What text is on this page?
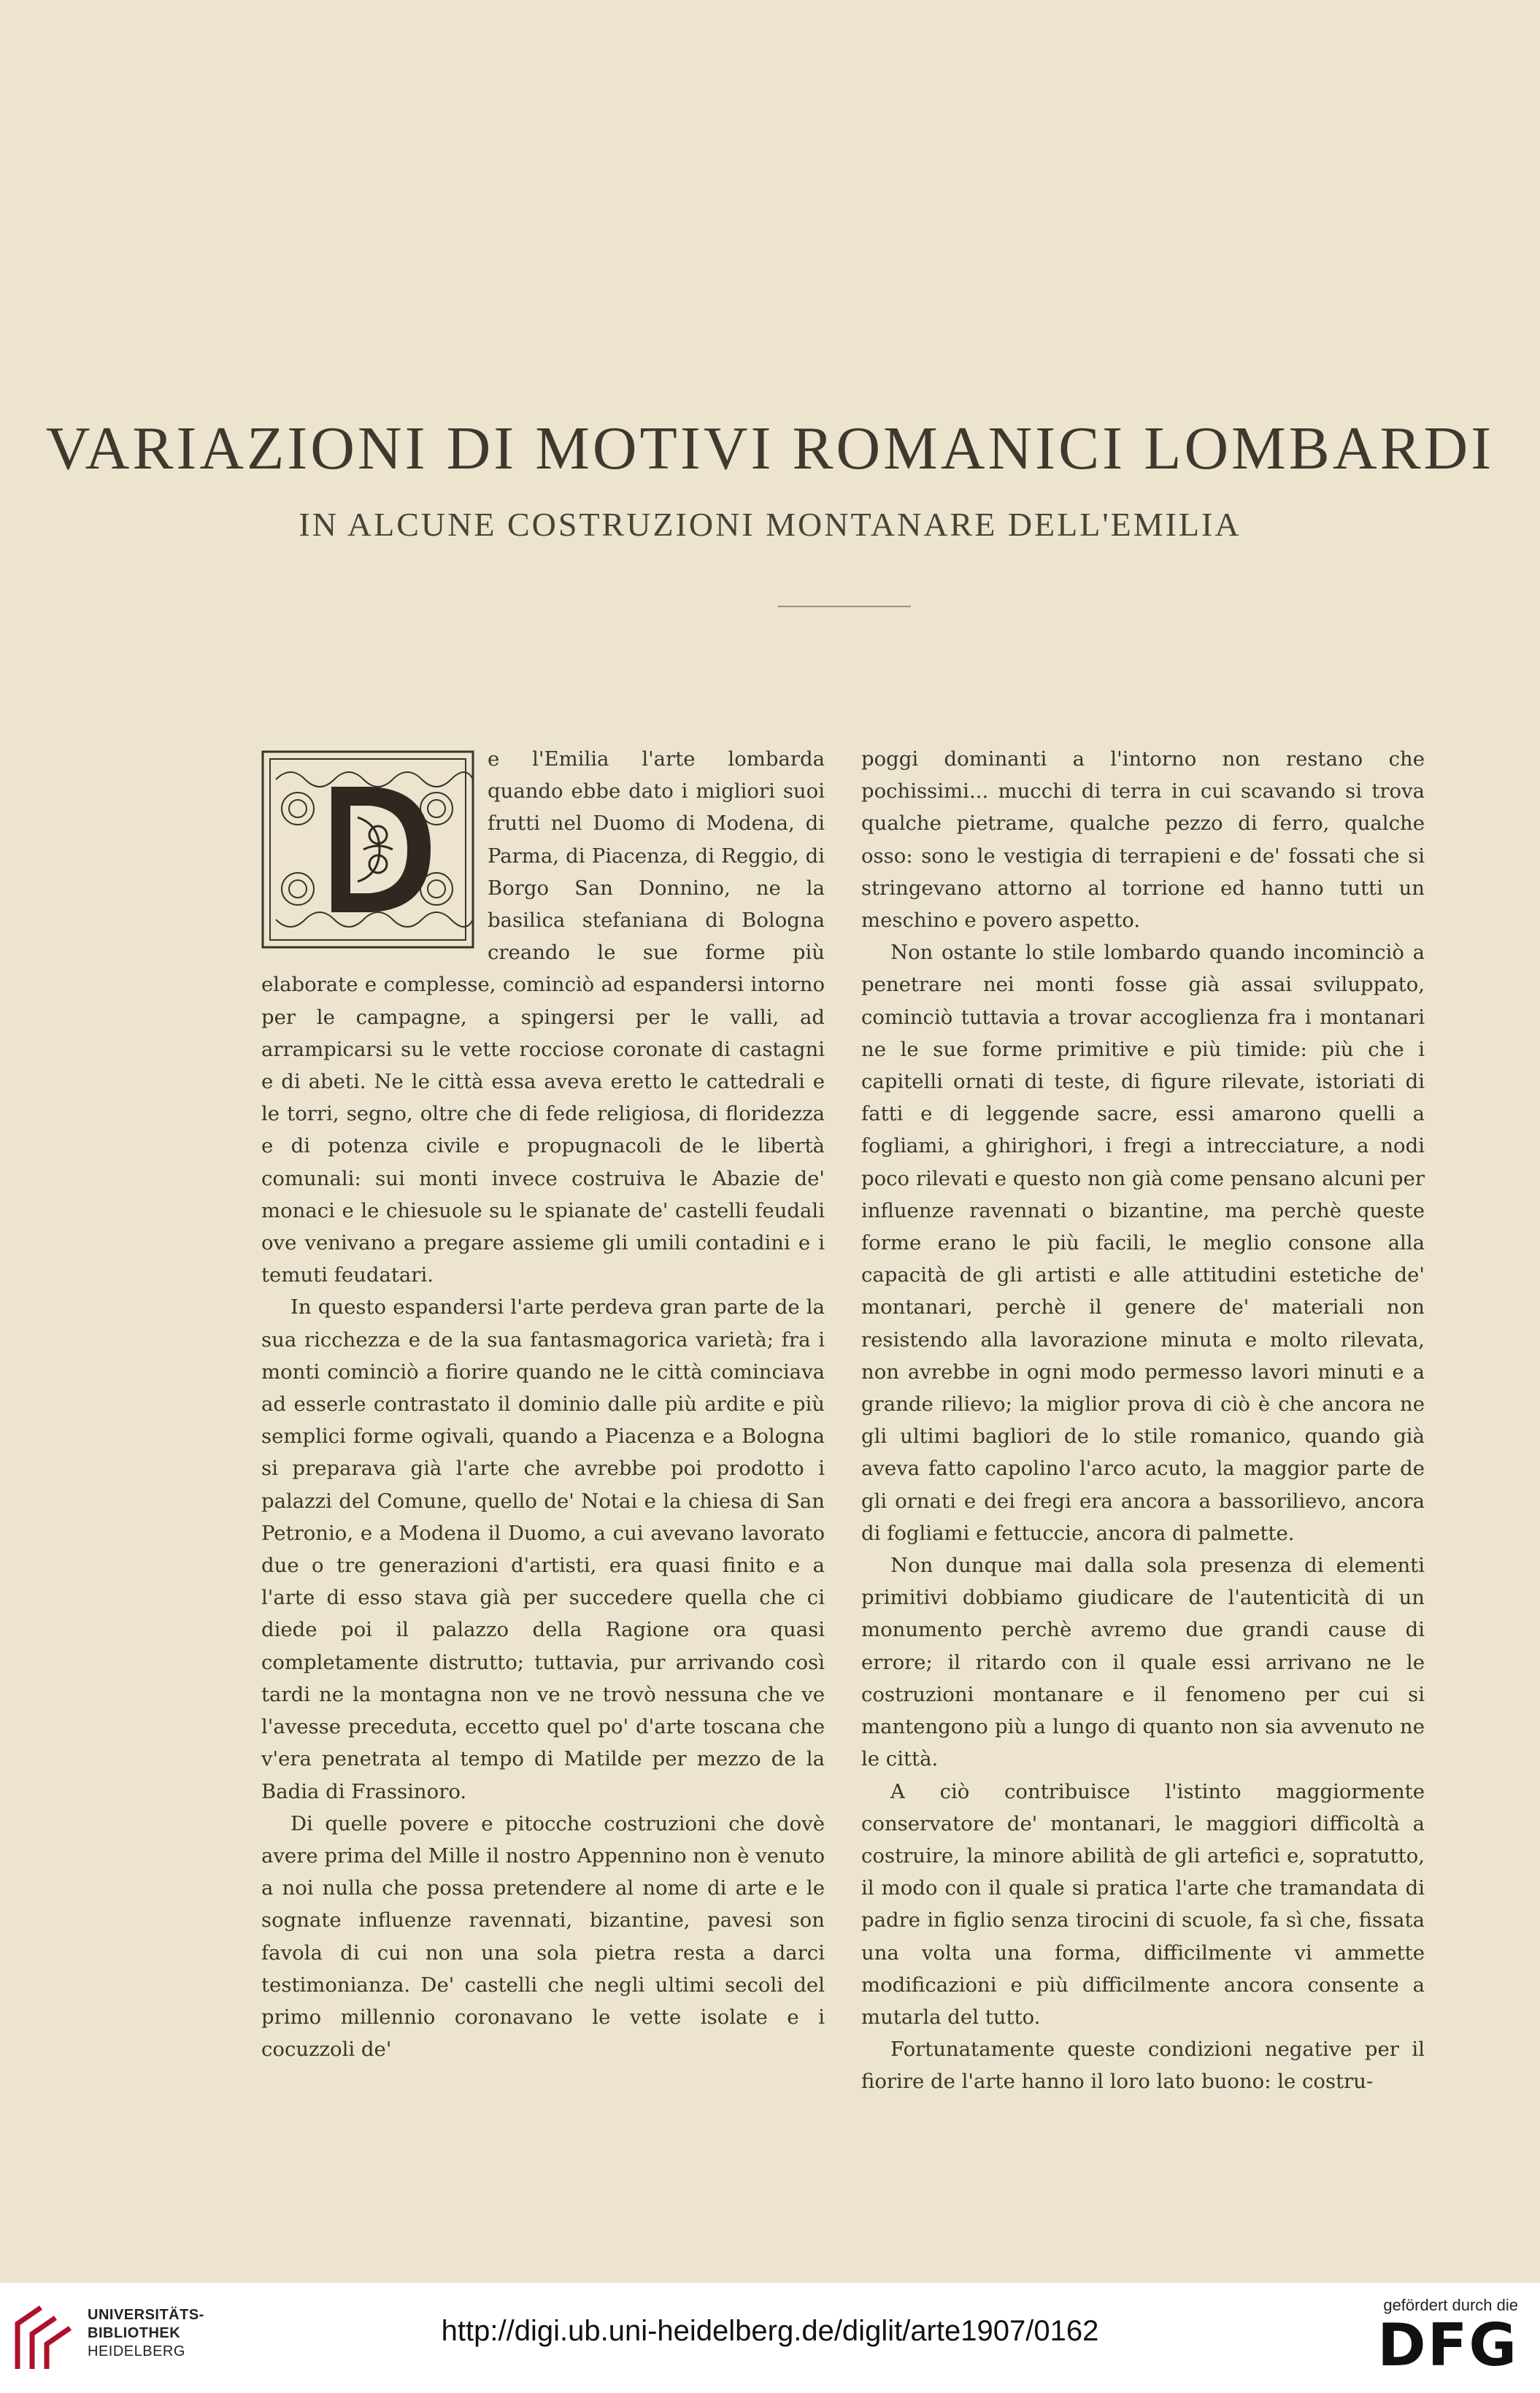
VARIAZIONI DI MOTIVI ROMANICI LOMBARDI
IN ALCUNE COSTRUZIONI MONTANARE DELL'EMILIA

e l'Emilia l'arte lombarda quando ebbe dato i migliori suoi frutti nel Duomo di Modena, di Parma, di Piacenza, di Reggio, di Borgo San Donnino, ne la basilica stefaniana di Bologna creando le sue forme più elaborate e complesse, cominciò ad espandersi intorno per le campagne, a spingersi per le valli, ad arrampicarsi su le vette rocciose coronate di castagni e di abeti. Ne le città essa aveva eretto le cattedrali e le torri, segno, oltre che di fede religiosa, di floridezza e di potenza civile e propugnacoli de le libertà comunali: sui monti invece costruiva le Abazie de' monaci e le chiesuole su le spianate de' castelli feudali ove venivano a pregare assieme gli umili contadini e i temuti feudatari.

In questo espandersi l'arte perdeva gran parte de la sua ricchezza e de la sua fantasmagorica varietà; fra i monti cominciò a fiorire quando ne le città cominciava ad esserle contrastato il dominio dalle più ardite e più semplici forme ogivali, quando a Piacenza e a Bologna si preparava già l'arte che avrebbe poi prodotto i palazzi del Comune, quello de' Notai e la chiesa di San Petronio, e a Modena il Duomo, a cui avevano lavorato due o tre generazioni d'artisti, era quasi finito e a l'arte di esso stava già per succedere quella che ci diede poi il palazzo della Ragione ora quasi completamente distrutto; tuttavia, pur arrivando così tardi ne la montagna non ve ne trovò nessuna che ve l'avesse preceduta, eccetto quel po' d'arte toscana che v'era penetrata al tempo di Matilde per mezzo de la Badia di Frassinoro.

Di quelle povere e pitocche costruzioni che dovè avere prima del Mille il nostro Appennino non è venuto a noi nulla che possa pretendere al nome di arte e le sognate influenze ravennati, bizantine, pavesi son favola di cui non una sola pietra resta a darci testimonianza. De' castelli che negli ultimi secoli del primo millennio coronavano le vette isolate e i cocuzzoli de'

poggi dominanti a l'intorno non restano che pochissimi... mucchi di terra in cui scavando si trova qualche pietrame, qualche pezzo di ferro, qualche osso: sono le vestigia di terrapieni e de' fossati che si stringevano attorno al torrione ed hanno tutti un meschino e povero aspetto.

Non ostante lo stile lombardo quando incominciò a penetrare nei monti fosse già assai sviluppato, cominciò tuttavia a trovar accoglienza fra i montanari ne le sue forme primitive e più timide: più che i capitelli ornati di teste, di figure rilevate, istoriati di fatti e di leggende sacre, essi amarono quelli a fogliami, a ghirighori, i fregi a intrecciature, a nodi poco rilevati e questo non già come pensano alcuni per influenze ravennati o bizantine, ma perchè queste forme erano le più facili, le meglio consone alla capacità de gli artisti e alle attitudini estetiche de' montanari, perchè il genere de' materiali non resistendo alla lavorazione minuta e molto rilevata, non avrebbe in ogni modo permesso lavori minuti e a grande rilievo; la miglior prova di ciò è che ancora ne gli ultimi bagliori de lo stile romanico, quando già aveva fatto capolino l'arco acuto, la maggior parte de gli ornati e dei fregi era ancora a bassorilievo, ancora di fogliami e fettuccie, ancora di palmette.

Non dunque mai dalla sola presenza di elementi primitivi dobbiamo giudicare de l'autenticità di un monumento perchè avremo due grandi cause di errore; il ritardo con il quale essi arrivano ne le costruzioni montanare e il fenomeno per cui si mantengono più a lungo di quanto non sia avvenuto ne le città.

A ciò contribuisce l'istinto maggiormente conservatore de' montanari, le maggiori difficoltà a costruire, la minore abilità de gli artefici e, sopratutto, il modo con il quale si pratica l'arte che tramandata di padre in figlio senza tirocini di scuole, fa sì che, fissata una volta una forma, difficilmente vi ammette modificazioni e più difficilmente ancora consente a mutarla del tutto.

Fortunatamente queste condizioni negative per il fiorire de l'arte hanno il loro lato buono: le costru-

UNIVERSITÄTS-
BIBLIOTHEK
HEIDELBERG
http://digi.ub.uni-heidelberg.de/diglit/arte1907/0162
gefördert durch die
DFG
